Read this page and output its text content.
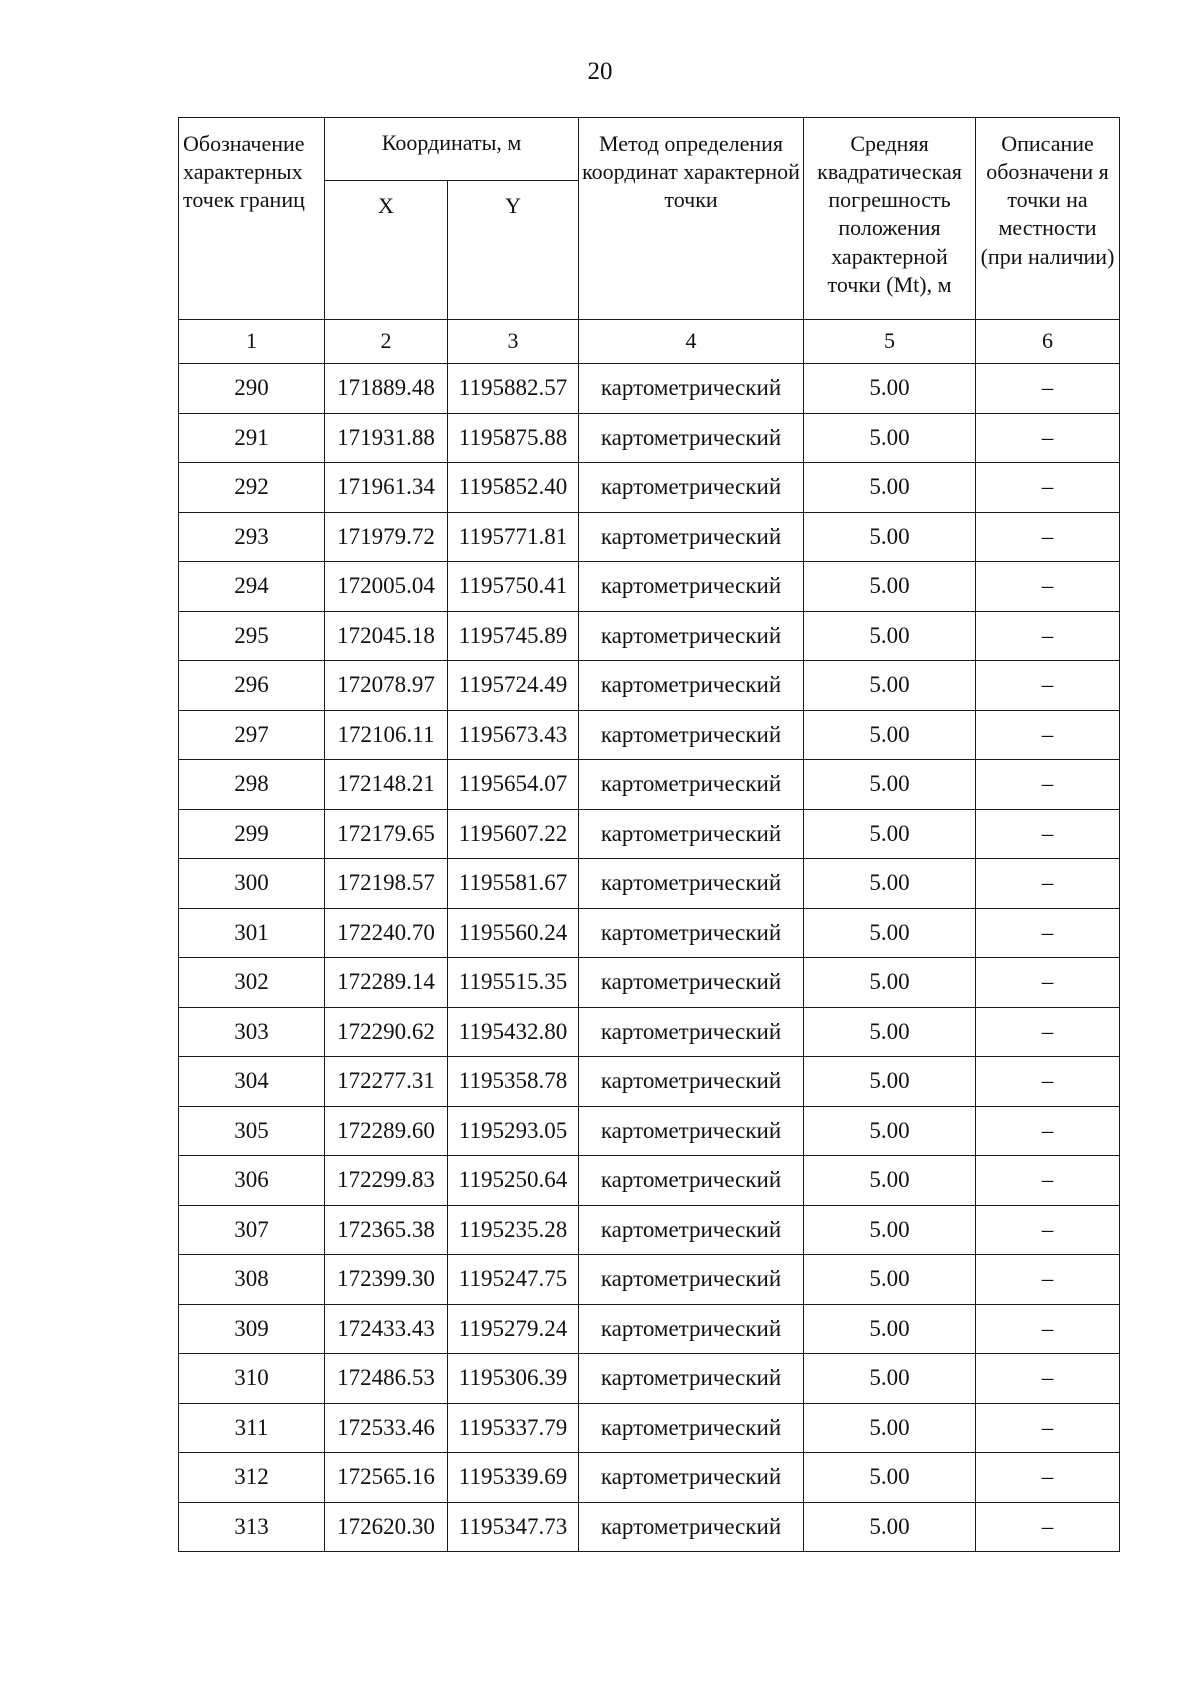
20
Обозначение характерных точек границ	Координаты, м		Метод определения координат характерной точки	Средняя квадратическая погрешность положения характерной точки (Mt), м	Описание обозначени я точки на местности (при наличии)
	X	Y			
1	2	3	4	5	6
290	171889.48	1195882.57	картометрический	5.00	–
291	171931.88	1195875.88	картометрический	5.00	–
292	171961.34	1195852.40	картометрический	5.00	–
293	171979.72	1195771.81	картометрический	5.00	–
294	172005.04	1195750.41	картометрический	5.00	–
295	172045.18	1195745.89	картометрический	5.00	–
296	172078.97	1195724.49	картометрический	5.00	–
297	172106.11	1195673.43	картометрический	5.00	–
298	172148.21	1195654.07	картометрический	5.00	–
299	172179.65	1195607.22	картометрический	5.00	–
300	172198.57	1195581.67	картометрический	5.00	–
301	172240.70	1195560.24	картометрический	5.00	–
302	172289.14	1195515.35	картометрический	5.00	–
303	172290.62	1195432.80	картометрический	5.00	–
304	172277.31	1195358.78	картометрический	5.00	–
305	172289.60	1195293.05	картометрический	5.00	–
306	172299.83	1195250.64	картометрический	5.00	–
307	172365.38	1195235.28	картометрический	5.00	–
308	172399.30	1195247.75	картометрический	5.00	–
309	172433.43	1195279.24	картометрический	5.00	–
310	172486.53	1195306.39	картометрический	5.00	–
311	172533.46	1195337.79	картометрический	5.00	–
312	172565.16	1195339.69	картометрический	5.00	–
313	172620.30	1195347.73	картометрический	5.00	–
